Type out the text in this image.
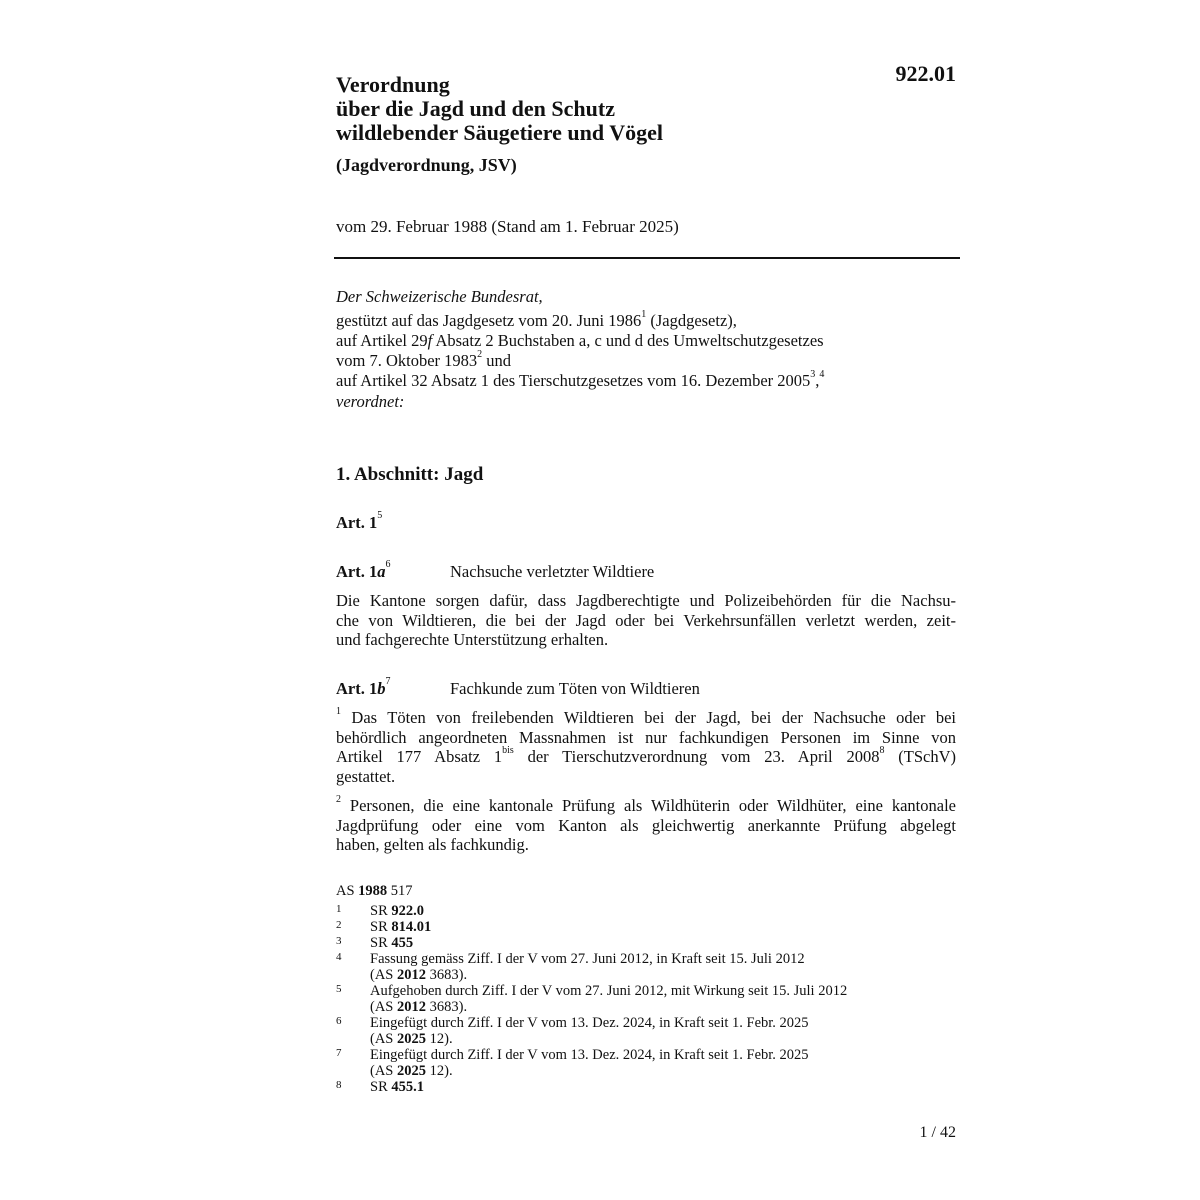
922.01
Verordnung
über die Jagd und den Schutz
wildlebender Säugetiere und Vögel
(Jagdverordnung, JSV)
vom 29. Februar 1988 (Stand am 1. Februar 2025)
Der Schweizerische Bundesrat,
gestützt auf das Jagdgesetz vom 20. Juni 1986$^1$ (Jagdgesetz),
auf Artikel 29f Absatz 2 Buchstaben a, c und d des Umweltschutzgesetzes
vom 7. Oktober 1983$^2$ und
auf Artikel 32 Absatz 1 des Tierschutzgesetzes vom 16. Dezember 2005$^3$,$^4$
verordnet:
1. Abschnitt: Jagd
Art. $1^5$
Art. $1a^6$	Nachsuche verletzter Wildtiere
Die Kantone sorgen dafür, dass Jagdberechtigte und Polizeibehörden für die Nachsu-
che von Wildtieren, die bei der Jagd oder bei Verkehrsunfällen verletzt werden, zeit-
und fachgerechte Unterstützung erhalten.
Art. $1b^7$	Fachkunde zum Töten von Wildtieren
$^1$ Das Töten von freilebenden Wildtieren bei der Jagd, bei der Nachsuche oder bei
behördlich angeordneten Massnahmen ist nur fachkundigen Personen im Sinne von
Artikel 177 Absatz $1^{bis}$ der Tierschutzverordnung vom 23. April 2008$^8$ (TSchV)
gestattet.
$^2$ Personen, die eine kantonale Prüfung als Wildhüterin oder Wildhüter, eine kantonale
Jagdprüfung oder eine vom Kanton als gleichwertig anerkannte Prüfung abgelegt
haben, gelten als fachkundig.
AS 1988 517
1	SR 922.0
2	SR 814.01
3	SR 455
4	Fassung gemäss Ziff. I der V vom 27. Juni 2012, in Kraft seit 15. Juli 2012
(AS 2012 3683).
5	Aufgehoben durch Ziff. I der V vom 27. Juni 2012, mit Wirkung seit 15. Juli 2012
(AS 2012 3683).
6	Eingefügt durch Ziff. I der V vom 13. Dez. 2024, in Kraft seit 1. Febr. 2025
(AS 2025 12).
7	Eingefügt durch Ziff. I der V vom 13. Dez. 2024, in Kraft seit 1. Febr. 2025
(AS 2025 12).
8	SR 455.1
1 / 42
